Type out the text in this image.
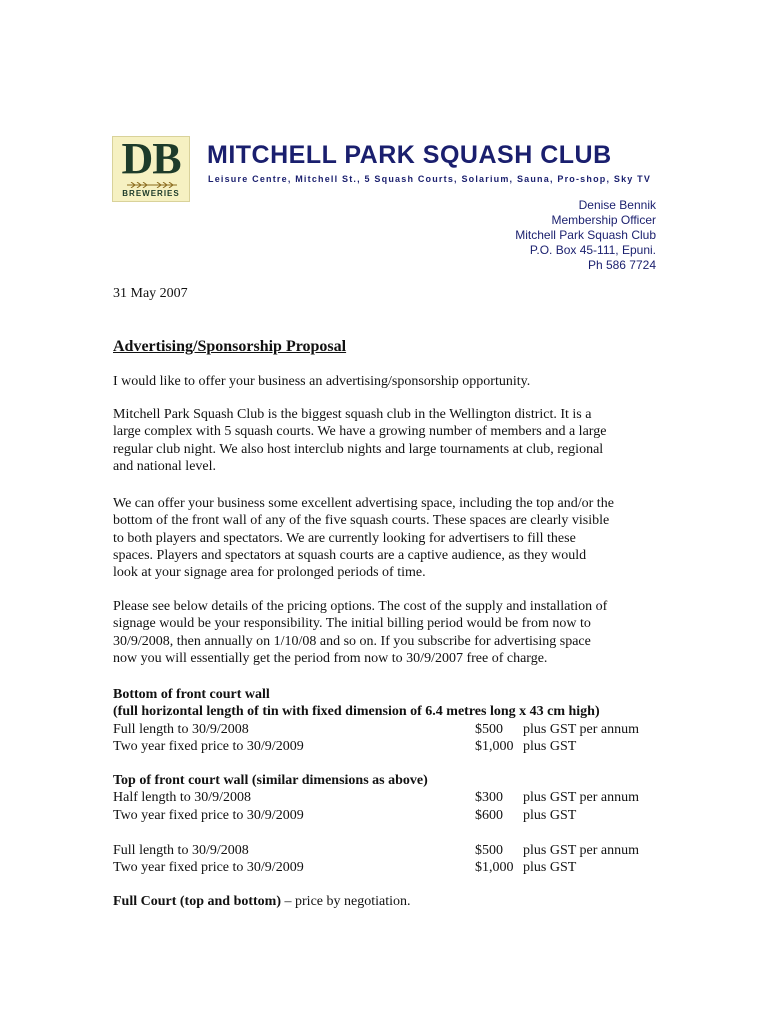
DB
BREWERIES
MITCHELL PARK SQUASH CLUB
Leisure Centre, Mitchell St., 5 Squash Courts, Solarium, Sauna, Pro-shop, Sky TV
Denise Bennik
Membership Officer
Mitchell Park Squash Club
P.O. Box 45-111, Epuni.
Ph 586 7724
31 May 2007
Advertising/Sponsorship Proposal
I would like to offer your business an advertising/sponsorship opportunity.
Mitchell Park Squash Club is the biggest squash club in the Wellington district. It is a
large complex with 5 squash courts. We have a growing number of members and a large
regular club night. We also host interclub nights and large tournaments at club, regional
and national level.
We can offer your business some excellent advertising space, including the top and/or the
bottom of the front wall of any of the five squash courts. These spaces are clearly visible
to both players and spectators. We are currently looking for advertisers to fill these
spaces. Players and spectators at squash courts are a captive audience, as they would
look at your signage area for prolonged periods of time.
Please see below details of the pricing options. The cost of the supply and installation of
signage would be your responsibility. The initial billing period would be from now to
30/9/2008, then annually on 1/10/08 and so on. If you subscribe for advertising space
now you will essentially get the period from now to 30/9/2007 free of charge.
Bottom of front court wall
(full horizontal length of tin with fixed dimension of 6.4 metres long x 43 cm high)
Full length to 30/9/2008	$500 plus GST per annum
Two year fixed price to 30/9/2009	$1,000 plus GST
Top of front court wall (similar dimensions as above)
Half length to 30/9/2008	$300 plus GST per annum
Two year fixed price to 30/9/2009	$600 plus GST
Full length to 30/9/2008	$500 plus GST per annum
Two year fixed price to 30/9/2009	$1,000 plus GST
Full Court (top and bottom) – price by negotiation.
